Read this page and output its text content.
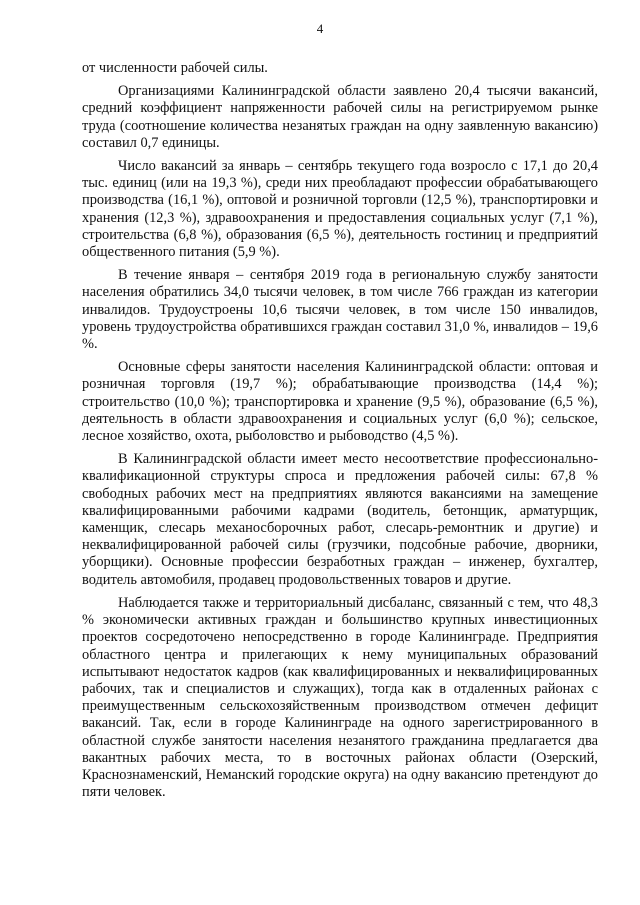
4

от численности рабочей силы.

Организациями Калининградской области заявлено 20,4 тысячи вакансий, средний коэффициент напряженности рабочей силы на регистрируемом рынке труда (соотношение количества незанятых граждан на одну заявленную вакансию) составил 0,7 единицы.

Число вакансий за январь – сентябрь текущего года возросло с 17,1 до 20,4 тыс. единиц (или на 19,3 %), среди них преобладают профессии обрабатывающего производства (16,1 %), оптовой и розничной торговли (12,5 %), транспортировки и хранения (12,3 %), здравоохранения и предоставления социальных услуг (7,1 %), строительства (6,8 %), образования (6,5 %), деятельность гостиниц и предприятий общественного питания (5,9 %).

В течение января – сентября 2019 года в региональную службу занятости населения обратились 34,0 тысячи человек, в том числе 766 граждан из категории инвалидов. Трудоустроены 10,6 тысячи человек, в том числе 150 инвалидов, уровень трудоустройства обратившихся граждан составил 31,0 %, инвалидов – 19,6 %.

Основные сферы занятости населения Калининградской области: оптовая и розничная торговля (19,7 %); обрабатывающие производства (14,4 %); строительство (10,0 %); транспортировка и хранение (9,5 %), образование (6,5 %), деятельность в области здравоохранения и социальных услуг (6,0 %); сельское, лесное хозяйство, охота, рыболовство и рыбоводство (4,5 %).

В Калининградской области имеет место несоответствие профессионально-квалификационной структуры спроса и предложения рабочей силы: 67,8 % свободных рабочих мест на предприятиях являются вакансиями на замещение квалифицированными рабочими кадрами (водитель, бетонщик, арматурщик, каменщик, слесарь механосборочных работ, слесарь-ремонтник и другие) и неквалифицированной рабочей силы (грузчики, подсобные рабочие, дворники, уборщики). Основные профессии безработных граждан – инженер, бухгалтер, водитель автомобиля, продавец продовольственных товаров и другие.

Наблюдается также и территориальный дисбаланс, связанный с тем, что 48,3 % экономически активных граждан и большинство крупных инвестиционных проектов сосредоточено непосредственно в городе Калининграде. Предприятия областного центра и прилегающих к нему муниципальных образований испытывают недостаток кадров (как квалифицированных и неквалифицированных рабочих, так и специалистов и служащих), тогда как в отдаленных районах с преимущественным сельскохозяйственным производством отмечен дефицит вакансий. Так, если в городе Калининграде на одного зарегистрированного в областной службе занятости населения незанятого гражданина предлагается два вакантных рабочих места, то в восточных районах области (Озерский, Краснознаменский, Неманский городские округа) на одну вакансию претендуют до пяти человек.
